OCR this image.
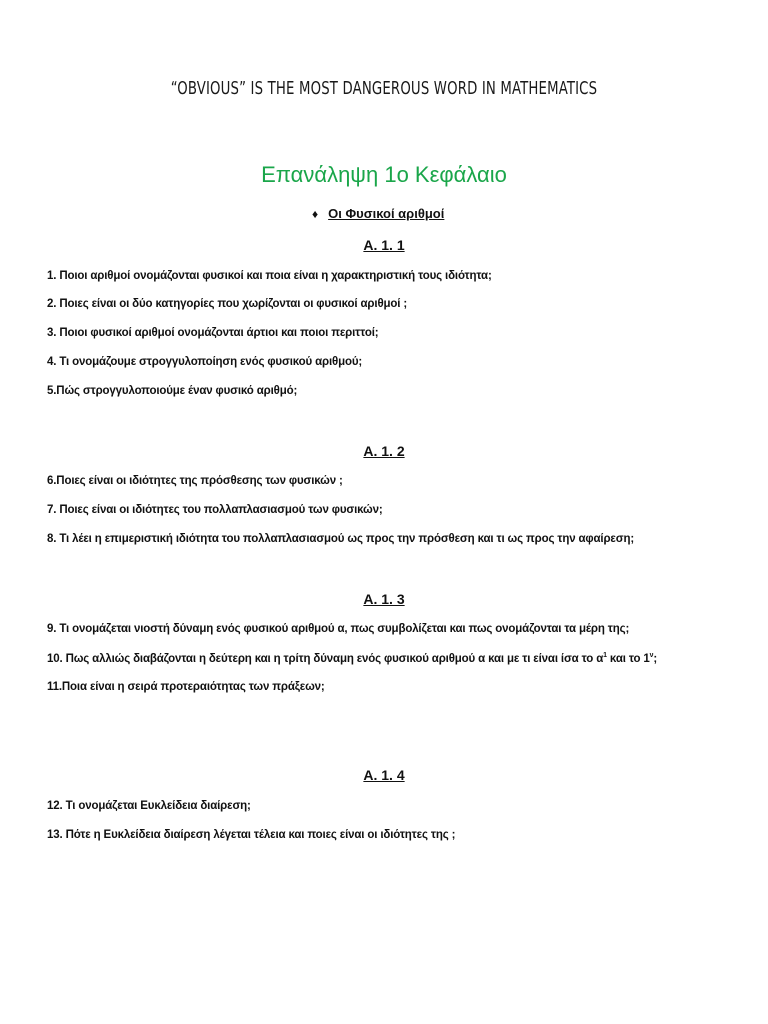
“OBVIOUS” IS THE MOST DANGEROUS WORD IN MATHEMATICS
Επανάληψη 1ο Κεφάλαιο
♦ Οι Φυσικοί αριθμοί
Α. 1. 1
1. Ποιοι αριθμοί ονομάζονται φυσικοί και ποια είναι η χαρακτηριστική τους ιδιότητα;
2. Ποιες είναι οι δύο κατηγορίες που χωρίζονται οι φυσικοί αριθμοί ;
3. Ποιοι φυσικοί αριθμοί ονομάζονται άρτιοι και ποιοι περιττοί;
4. Τι ονομάζουμε στρογγυλοποίηση ενός φυσικού αριθμού;
5.Πώς στρογγυλοποιούμε έναν φυσικό αριθμό;
Α. 1. 2
6.Ποιες είναι οι ιδιότητες της πρόσθεσης των φυσικών ;
7. Ποιες είναι οι ιδιότητες του πολλαπλασιασμού των φυσικών;
8. Τι λέει η επιμεριστική ιδιότητα του πολλαπλασιασμού ως προς την πρόσθεση και τι ως προς την αφαίρεση;
Α. 1. 3
9. Τι ονομάζεται νιοστή δύναμη ενός φυσικού αριθμού α, πως συμβολίζεται και πως ονομάζονται τα μέρη της;
10. Πως αλλιώς διαβάζονται η δεύτερη και η τρίτη δύναμη ενός φυσικού αριθμού α και με τι είναι ίσα το $\alpha^1$ και το $1^\nu$;
11.Ποια είναι η σειρά προτεραιότητας των πράξεων;
Α. 1. 4
12. Τι ονομάζεται Ευκλείδεια διαίρεση;
13. Πότε η Ευκλείδεια διαίρεση λέγεται τέλεια και ποιες είναι οι ιδιότητες της ;
